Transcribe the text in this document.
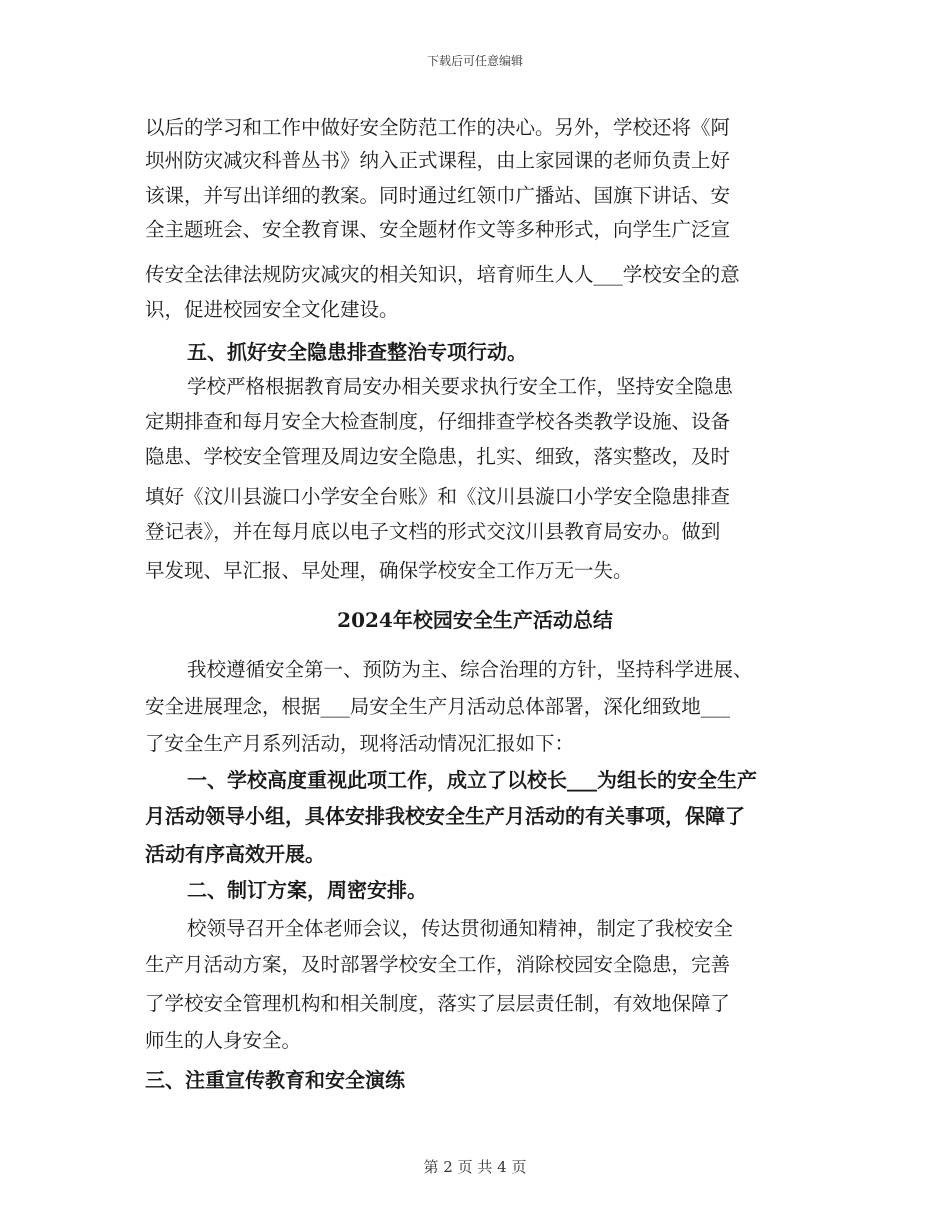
下载后可任意编辑
以后的学习和工作中做好安全防范工作的决心。另外，学校还将《阿
坝州防灾减灾科普丛书》纳入正式课程，由上家园课的老师负责上好
该课，并写出详细的教案。同时通过红领巾广播站、国旗下讲话、安
全主题班会、安全教育课、安全题材作文等多种形式，向学生广泛宣
传安全法律法规防灾减灾的相关知识，培育师生人人___学校安全的意
识，促进校园安全文化建设。
五、抓好安全隐患排查整治专项行动。
学校严格根据教育局安办相关要求执行安全工作，坚持安全隐患
定期排查和每月安全大检查制度，仔细排查学校各类教学设施、设备
隐患、学校安全管理及周边安全隐患，扎实、细致，落实整改，及时
填好《汶川县漩口小学安全台账》和《汶川县漩口小学安全隐患排查
登记表》，并在每月底以电子文档的形式交汶川县教育局安办。做到
早发现、早汇报、早处理，确保学校安全工作万无一失。
2024年校园安全生产活动总结
我校遵循安全第一、预防为主、综合治理的方针，坚持科学进展、
安全进展理念，根据___局安全生产月活动总体部署，深化细致地___
了安全生产月系列活动，现将活动情况汇报如下：
一、学校高度重视此项工作，成立了以校长___为组长的安全生产
月活动领导小组，具体安排我校安全生产月活动的有关事项，保障了
活动有序高效开展。
二、制订方案，周密安排。
校领导召开全体老师会议，传达贯彻通知精神，制定了我校安全
生产月活动方案，及时部署学校安全工作，消除校园安全隐患，完善
了学校安全管理机构和相关制度，落实了层层责任制，有效地保障了
师生的人身安全。
三、注重宣传教育和安全演练
第 2 页 共 4 页
